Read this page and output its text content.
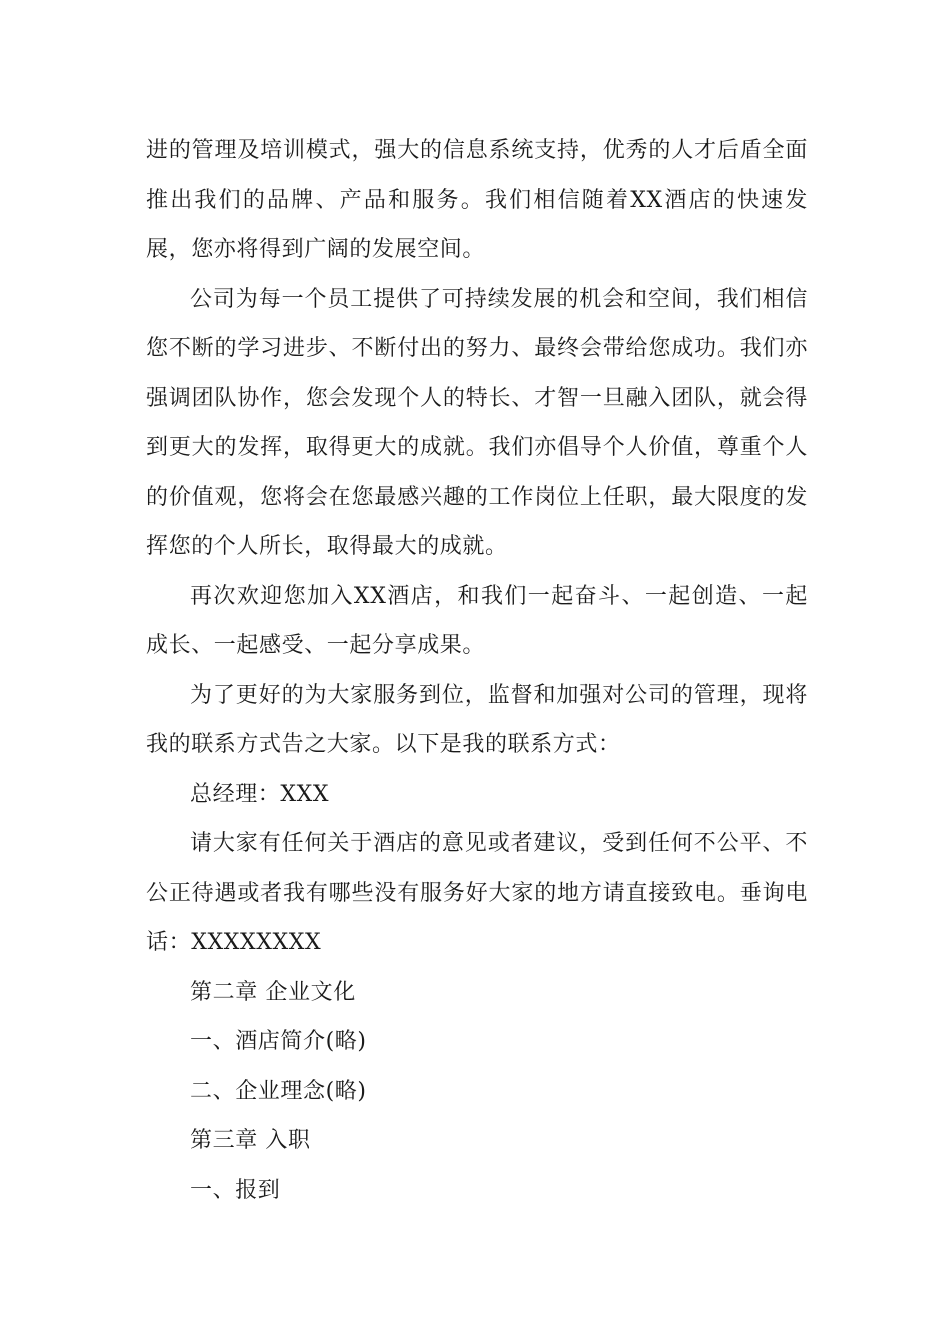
进的管理及培训模式，强大的信息系统支持，优秀的人才后盾全面推出我们的品牌、产品和服务。我们相信随着XX酒店的快速发展，您亦将得到广阔的发展空间。

公司为每一个员工提供了可持续发展的机会和空间，我们相信您不断的学习进步、不断付出的努力、最终会带给您成功。我们亦强调团队协作，您会发现个人的特长、才智一旦融入团队，就会得到更大的发挥，取得更大的成就。我们亦倡导个人价值，尊重个人的价值观，您将会在您最感兴趣的工作岗位上任职，最大限度的发挥您的个人所长，取得最大的成就。

再次欢迎您加入XX酒店，和我们一起奋斗、一起创造、一起成长、一起感受、一起分享成果。

为了更好的为大家服务到位，监督和加强对公司的管理，现将我的联系方式告之大家。以下是我的联系方式：

总经理：XXX

请大家有任何关于酒店的意见或者建议，受到任何不公平、不公正待遇或者我有哪些没有服务好大家的地方请直接致电。垂询电话：XXXXXXXX

第二章 企业文化

一、酒店简介(略)

二、企业理念(略)

第三章 入职

一、报到
